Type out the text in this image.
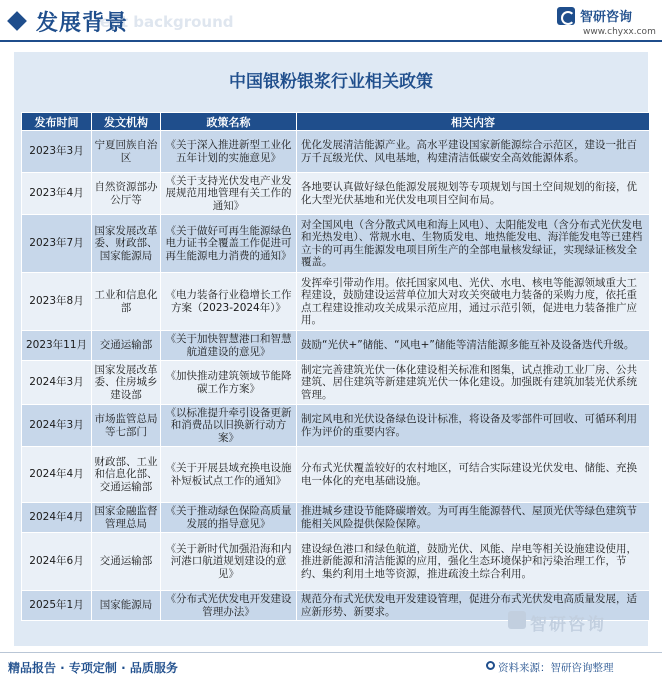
ent background
发展背景	智研咨询
www.chyxx.com
中国银粉银浆行业相关政策
发布时间	发文机构	政策名称	相关内容
2023年3月	宁夏回族自治区	《关于深入推进新型工业化五年计划的实施意见》	优化发展清洁能源产业。高水平建设国家新能源综合示范区，建设一批百万千瓦级光伏、风电基地，构建清洁低碳安全高效能源体系。
2023年4月	自然资源部办公厅等	《关于支持光伏发电产业发展规范用地管理有关工作的通知》	各地要认真做好绿色能源发展规划等专项规划与国土空间规划的衔接，优化大型光伏基地和光伏发电项目空间布局。
2023年7月	国家发展改革委、财政部、国家能源局	《关于做好可再生能源绿色电力证书全覆盖工作促进可再生能源电力消费的通知》	对全国风电（含分散式风电和海上风电）、太阳能发电（含分布式光伏发电和光热发电）、常规水电、生物质发电、地热能发电、海洋能发电等已建档立卡的可再生能源发电项目所生产的全部电量核发绿证，实现绿证核发全覆盖。
2023年8月	工业和信息化部	《电力装备行业稳增长工作方案（2023-2024年）》	发挥牵引带动作用。依托国家风电、光伏、水电、核电等能源领域重大工程建设，鼓励建设运营单位加大对攻关突破电力装备的采购力度，依托重点工程建设推动攻关成果示范应用，通过示范引领，促进电力装备推广应用。
2023年11月	交通运输部	《关于加快智慧港口和智慧航道建设的意见》	鼓励“光伏+”储能、“风电+”储能等清洁能源多能互补及设备迭代升级。
2024年3月	国家发展改革委、住房城乡建设部	《加快推动建筑领域节能降碳工作方案》	制定完善建筑光伏一体化建设相关标准和图集，试点推动工业厂房、公共建筑、居住建筑等新建建筑光伏一体化建设。加强既有建筑加装光伏系统管理。
2024年3月	市场监管总局等七部门	《以标准提升牵引设备更新和消费品以旧换新行动方案》	制定风电和光伏设备绿色设计标准，将设备及零部件可回收、可循环利用作为评价的重要内容。
2024年4月	财政部、工业和信息化部、交通运输部	《关于开展县域充换电设施补短板试点工作的通知》	分布式光伏覆盖较好的农村地区，可结合实际建设光伏发电、储能、充换电一体化的充电基础设施。
2024年4月	国家金融监督管理总局	《关于推动绿色保险高质量发展的指导意见》	推进城乡建设节能降碳增效。为可再生能源替代、屋顶光伏等绿色建筑节能相关风险提供保险保障。
2024年6月	交通运输部	《关于新时代加强沿海和内河港口航道规划建设的意见》	建设绿色港口和绿色航道，鼓励光伏、风能、岸电等相关设施建设使用，推进新能源和清洁能源的应用，强化生态环境保护和污染治理工作，节约、集约利用土地等资源，推进疏浚土综合利用。
2025年1月	国家能源局	《分布式光伏发电开发建设管理办法》	规范分布式光伏发电开发建设管理，促进分布式光伏发电高质量发展，适应新形势、新要求。
智研咨询
精品报告 · 专项定制 · 品质服务	资料来源：智研咨询整理
